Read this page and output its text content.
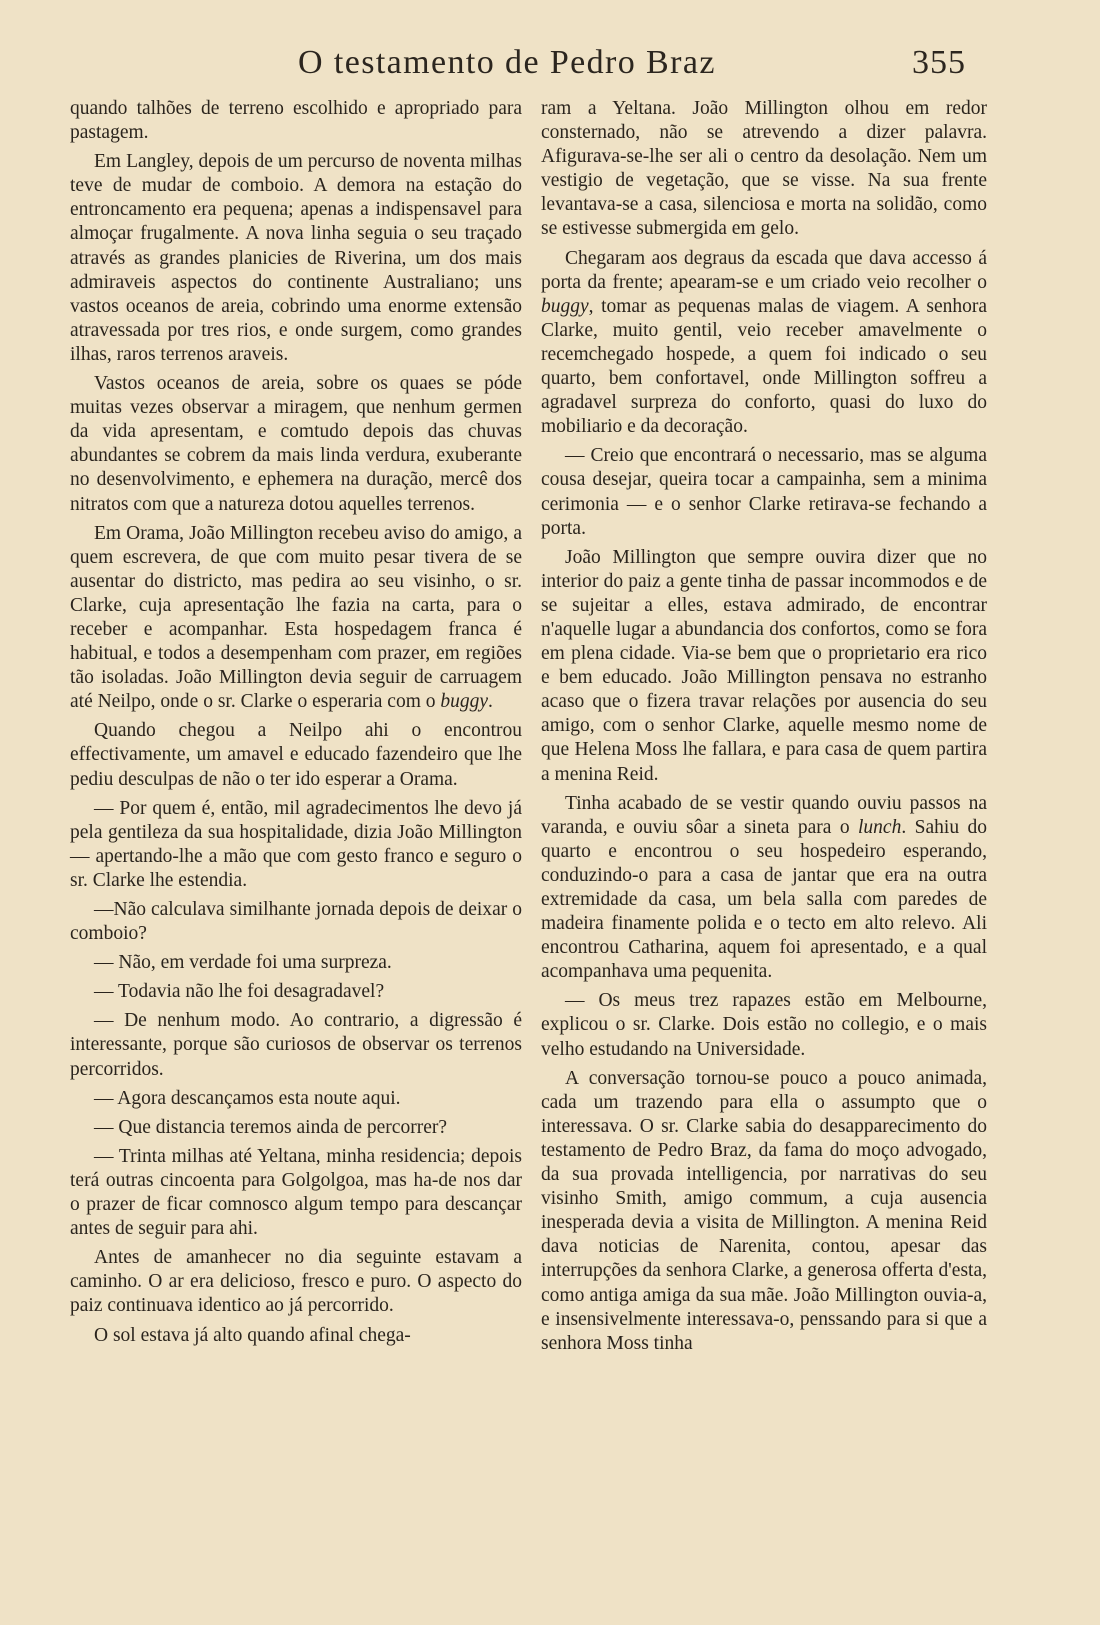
O testamento de Pedro Braz	355

quando talhões de terreno escolhido e apropriado para pastagem.

Em Langley, depois de um percurso de noventa milhas teve de mudar de comboio. A demora na estação do entroncamento era pequena; apenas a indispensavel para almoçar frugalmente. A nova linha seguia o seu traçado através as grandes planicies de Riverina, um dos mais admiraveis aspectos do continente Australiano; uns vastos oceanos de areia, cobrindo uma enorme extensão atravessada por tres rios, e onde surgem, como grandes ilhas, raros terrenos araveis.

Vastos oceanos de areia, sobre os quaes se póde muitas vezes observar a miragem, que nenhum germen da vida apresentam, e comtudo depois das chuvas abundantes se cobrem da mais linda verdura, exuberante no desenvolvimento, e ephemera na duração, mercê dos nitratos com que a natureza dotou aquelles terrenos.

Em Orama, João Millington recebeu aviso do amigo, a quem escrevera, de que com muito pesar tivera de se ausentar do districto, mas pedira ao seu visinho, o sr. Clarke, cuja apresentação lhe fazia na carta, para o receber e acompanhar. Esta hospedagem franca é habitual, e todos a desempenham com prazer, em regiões tão isoladas. João Millington devia seguir de carruagem até Neilpo, onde o sr. Clarke o esperaria com o buggy.

Quando chegou a Neilpo ahi o encontrou effectivamente, um amavel e educado fazendeiro que lhe pediu desculpas de não o ter ido esperar a Orama.

— Por quem é, então, mil agradecimentos lhe devo já pela gentileza da sua hospitalidade, dizia João Millington — apertando-lhe a mão que com gesto franco e seguro o sr. Clarke lhe estendia.

—Não calculava similhante jornada depois de deixar o comboio?

— Não, em verdade foi uma surpreza.

— Todavia não lhe foi desagradavel?

— De nenhum modo. Ao contrario, a digressão é interessante, porque são curiosos de observar os terrenos percorridos.

— Agora descançamos esta noute aqui.

— Que distancia teremos ainda de percorrer?

— Trinta milhas até Yeltana, minha residencia; depois terá outras cincoenta para Golgolgoa, mas ha-de nos dar o prazer de ficar comnosco algum tempo para descançar antes de seguir para ahi.

Antes de amanhecer no dia seguinte estavam a caminho. O ar era delicioso, fresco e puro. O aspecto do paiz continuava identico ao já percorrido.

O sol estava já alto quando afinal chega-

ram a Yeltana. João Millington olhou em redor consternado, não se atrevendo a dizer palavra. Afigurava-se-lhe ser ali o centro da desolação. Nem um vestigio de vegetação, que se visse. Na sua frente levantava-se a casa, silenciosa e morta na solidão, como se estivesse submergida em gelo.

Chegaram aos degraus da escada que dava accesso á porta da frente; apearam-se e um criado veio recolher o buggy, tomar as pequenas malas de viagem. A senhora Clarke, muito gentil, veio receber amavelmente o recemchegado hospede, a quem foi indicado o seu quarto, bem confortavel, onde Millington soffreu a agradavel surpreza do conforto, quasi do luxo do mobiliario e da decoração.

— Creio que encontrará o necessario, mas se alguma cousa desejar, queira tocar a campainha, sem a minima cerimonia — e o senhor Clarke retirava-se fechando a porta.

João Millington que sempre ouvira dizer que no interior do paiz a gente tinha de passar incommodos e de se sujeitar a elles, estava admirado, de encontrar n'aquelle lugar a abundancia dos confortos, como se fora em plena cidade. Via-se bem que o proprietario era rico e bem educado. João Millington pensava no estranho acaso que o fizera travar relações por ausencia do seu amigo, com o senhor Clarke, aquelle mesmo nome de que Helena Moss lhe fallara, e para casa de quem partira a menina Reid.

Tinha acabado de se vestir quando ouviu passos na varanda, e ouviu sôar a sineta para o lunch. Sahiu do quarto e encontrou o seu hospedeiro esperando, conduzindo-o para a casa de jantar que era na outra extremidade da casa, um bela salla com paredes de madeira finamente polida e o tecto em alto relevo. Ali encontrou Catharina, aquem foi apresentado, e a qual acompanhava uma pequenita.

— Os meus trez rapazes estão em Melbourne, explicou o sr. Clarke. Dois estão no collegio, e o mais velho estudando na Universidade.

A conversação tornou-se pouco a pouco animada, cada um trazendo para ella o assumpto que o interessava. O sr. Clarke sabia do desapparecimento do testamento de Pedro Braz, da fama do moço advogado, da sua provada intelligencia, por narrativas do seu visinho Smith, amigo commum, a cuja ausencia inesperada devia a visita de Millington. A menina Reid dava noticias de Narenita, contou, apesar das interrupções da senhora Clarke, a generosa offerta d'esta, como antiga amiga da sua mãe. João Millington ouvia-a, e insensivelmente interessava-o, penssando para si que a senhora Moss tinha
